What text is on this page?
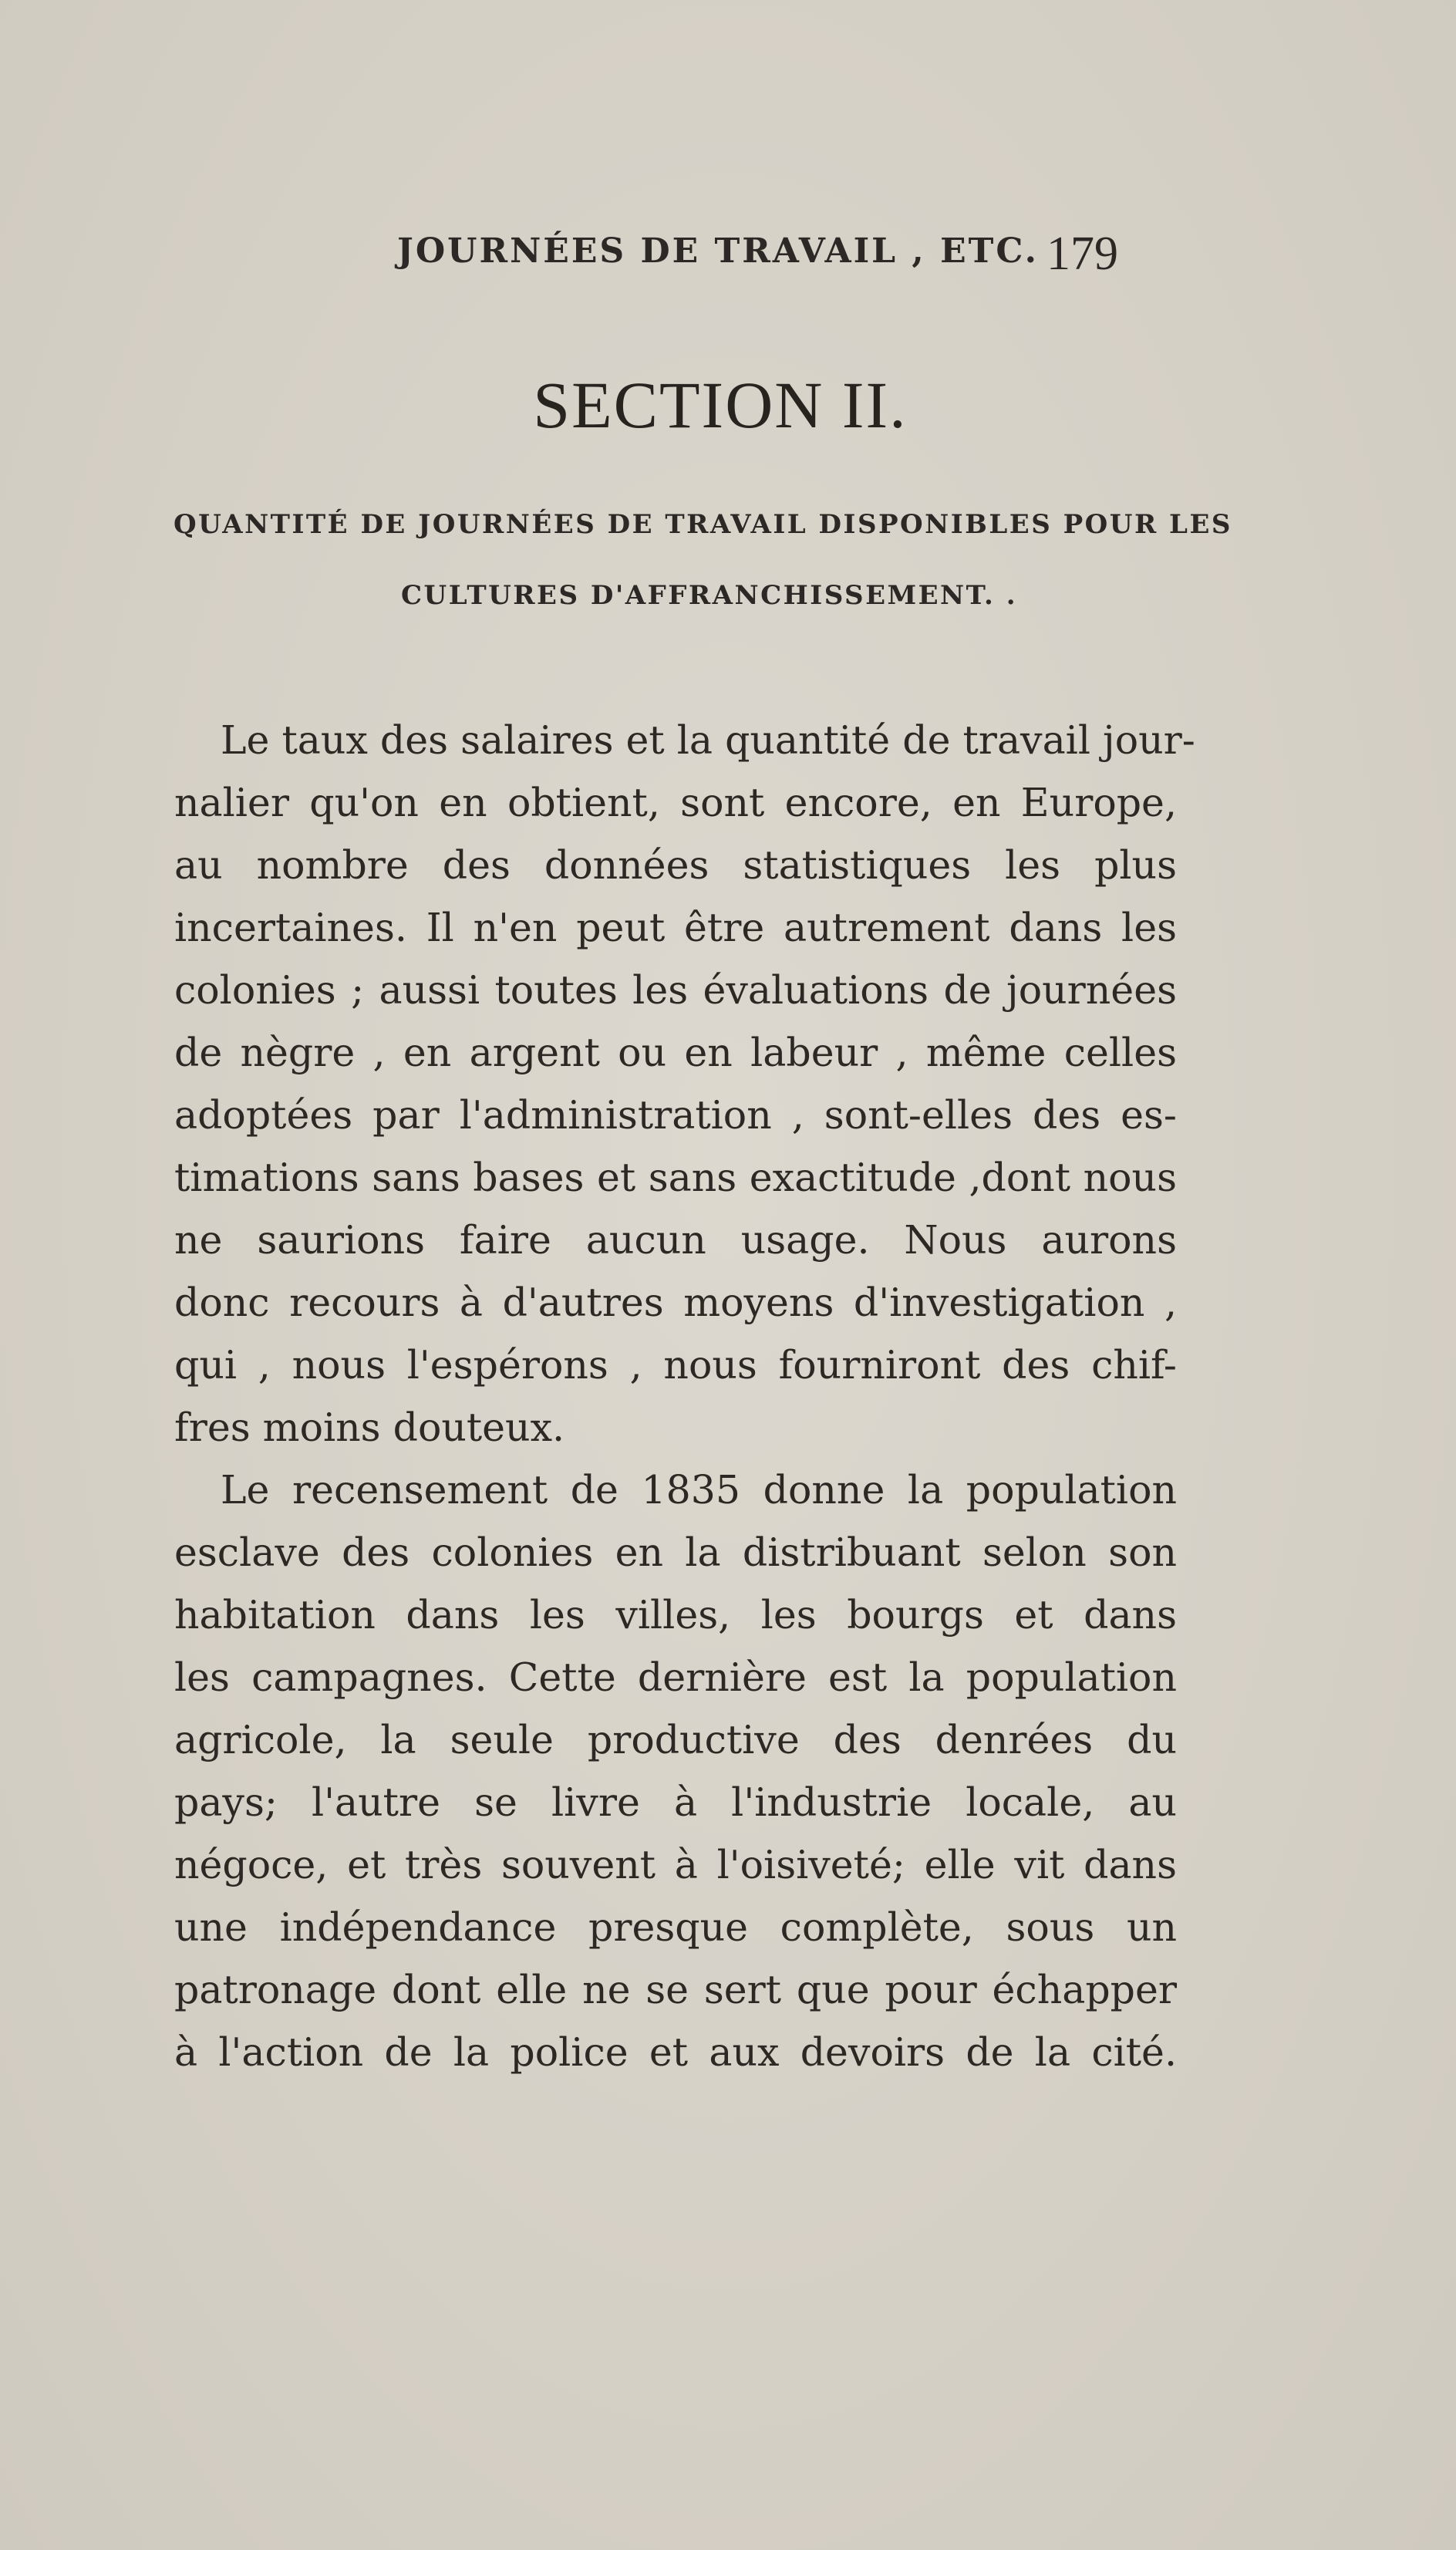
JOURNÉES DE TRAVAIL , ETC. 179
SECTION II.
QUANTITÉ DE JOURNÉES DE TRAVAIL DISPONIBLES POUR LES
CULTURES D'AFFRANCHISSEMENT. .
Le taux des salaires et la quantité de travail jour-
nalier qu'on en obtient, sont encore, en Europe,
au nombre des données statistiques les plus
incertaines. Il n'en peut être autrement dans les
colonies ; aussi toutes les évaluations de journées
de nègre , en argent ou en labeur , même celles
adoptées par l'administration , sont-elles des es-
timations sans bases et sans exactitude ,dont nous
ne saurions faire aucun usage. Nous aurons
donc recours à d'autres moyens d'investigation ,
qui , nous l'espérons , nous fourniront des chif-
fres moins douteux.
Le recensement de 1835 donne la population
esclave des colonies en la distribuant selon son
habitation dans les villes, les bourgs et dans
les campagnes. Cette dernière est la population
agricole, la seule productive des denrées du
pays; l'autre se livre à l'industrie locale, au
négoce, et très souvent à l'oisiveté; elle vit dans
une indépendance presque complète, sous un
patronage dont elle ne se sert que pour échapper
à l'action de la police et aux devoirs de la cité.
